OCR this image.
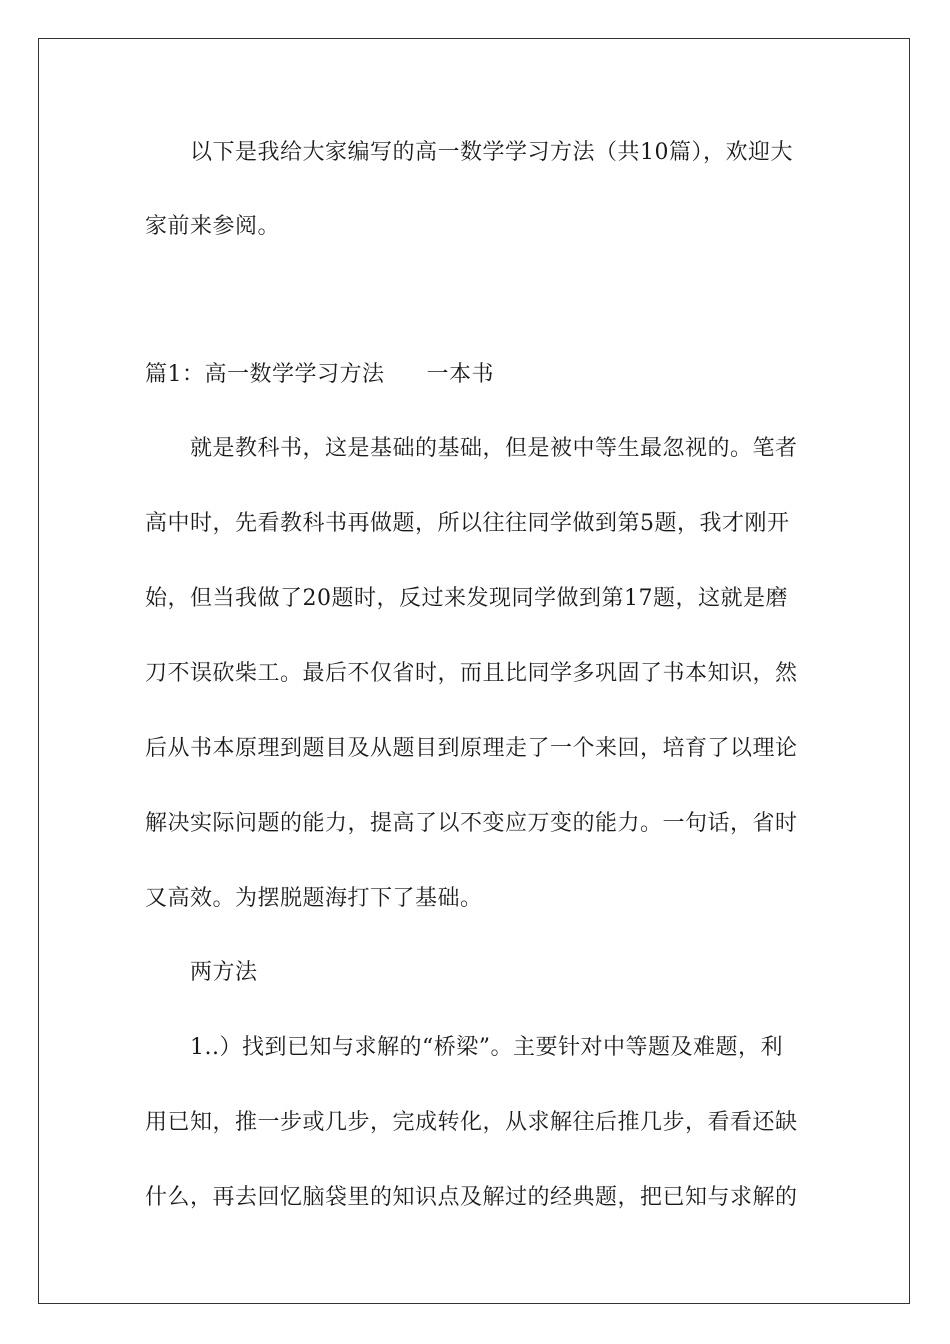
以下是我给大家编写的高一数学学习方法（共10篇），欢迎大
家前来参阅。
篇1：高一数学学习方法 一本书
就是教科书，这是基础的基础，但是被中等生最忽视的。笔者
高中时，先看教科书再做题，所以往往同学做到第5题，我才刚开
始，但当我做了20题时，反过来发现同学做到第17题，这就是磨
刀不误砍柴工。最后不仅省时，而且比同学多巩固了书本知识，然
后从书本原理到题目及从题目到原理走了一个来回，培育了以理论
解决实际问题的能力，提高了以不变应万变的能力。一句话，省时
又高效。为摆脱题海打下了基础。
两方法
1..）找到已知与求解的“桥梁”。主要针对中等题及难题，利
用已知，推一步或几步，完成转化，从求解往后推几步，看看还缺
什么，再去回忆脑袋里的知识点及解过的经典题，把已知与求解的
